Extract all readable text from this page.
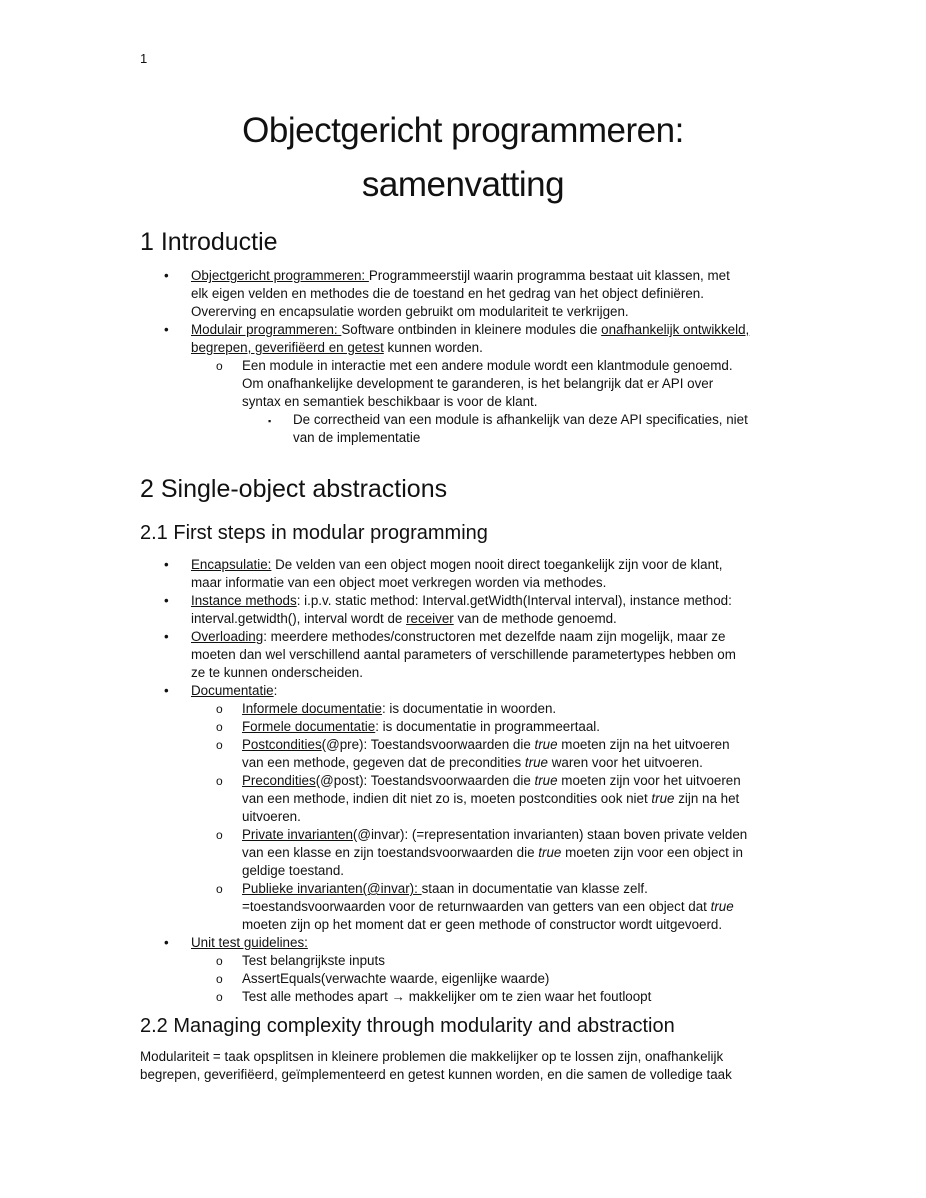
1
Objectgericht programmeren:
samenvatting
1 Introductie
• Objectgericht programmeren: Programmeerstijl waarin programma bestaat uit klassen, met
elk eigen velden en methodes die de toestand en het gedrag van het object definiëren.
Overerving en encapsulatie worden gebruikt om modulariteit te verkrijgen.
• Modulair programmeren: Software ontbinden in kleinere modules die onafhankelijk ontwikkeld,
begrepen, geverifiëerd en getest kunnen worden.
o Een module in interactie met een andere module wordt een klantmodule genoemd.
Om onafhankelijke development te garanderen, is het belangrijk dat er API over
syntax en semantiek beschikbaar is voor de klant.
▪ De correctheid van een module is afhankelijk van deze API specificaties, niet
van de implementatie
2 Single-object abstractions
2.1 First steps in modular programming
• Encapsulatie: De velden van een object mogen nooit direct toegankelijk zijn voor de klant,
maar informatie van een object moet verkregen worden via methodes.
• Instance methods: i.p.v. static method: Interval.getWidth(Interval interval), instance method:
interval.getwidth(), interval wordt de receiver van de methode genoemd.
• Overloading: meerdere methodes/constructoren met dezelfde naam zijn mogelijk, maar ze
moeten dan wel verschillend aantal parameters of verschillende parametertypes hebben om
ze te kunnen onderscheiden.
• Documentatie:
o Informele documentatie: is documentatie in woorden.
o Formele documentatie: is documentatie in programmeertaal.
o Postcondities(@pre): Toestandsvoorwaarden die true moeten zijn na het uitvoeren
van een methode, gegeven dat de precondities true waren voor het uitvoeren.
o Precondities(@post): Toestandsvoorwaarden die true moeten zijn voor het uitvoeren
van een methode, indien dit niet zo is, moeten postcondities ook niet true zijn na het
uitvoeren.
o Private invarianten(@invar): (=representation invarianten) staan boven private velden
van een klasse en zijn toestandsvoorwaarden die true moeten zijn voor een object in
geldige toestand.
o Publieke invarianten(@invar): staan in documentatie van klasse zelf.
=toestandsvoorwaarden voor de returnwaarden van getters van een object dat true
moeten zijn op het moment dat er geen methode of constructor wordt uitgevoerd.
• Unit test guidelines:
o Test belangrijkste inputs
o AssertEquals(verwachte waarde, eigenlijke waarde)
o Test alle methodes apart → makkelijker om te zien waar het foutloopt
2.2 Managing complexity through modularity and abstraction
Modulariteit = taak opsplitsen in kleinere problemen die makkelijker op te lossen zijn, onafhankelijk
begrepen, geverifiëerd, geïmplementeerd en getest kunnen worden, en die samen de volledige taak
